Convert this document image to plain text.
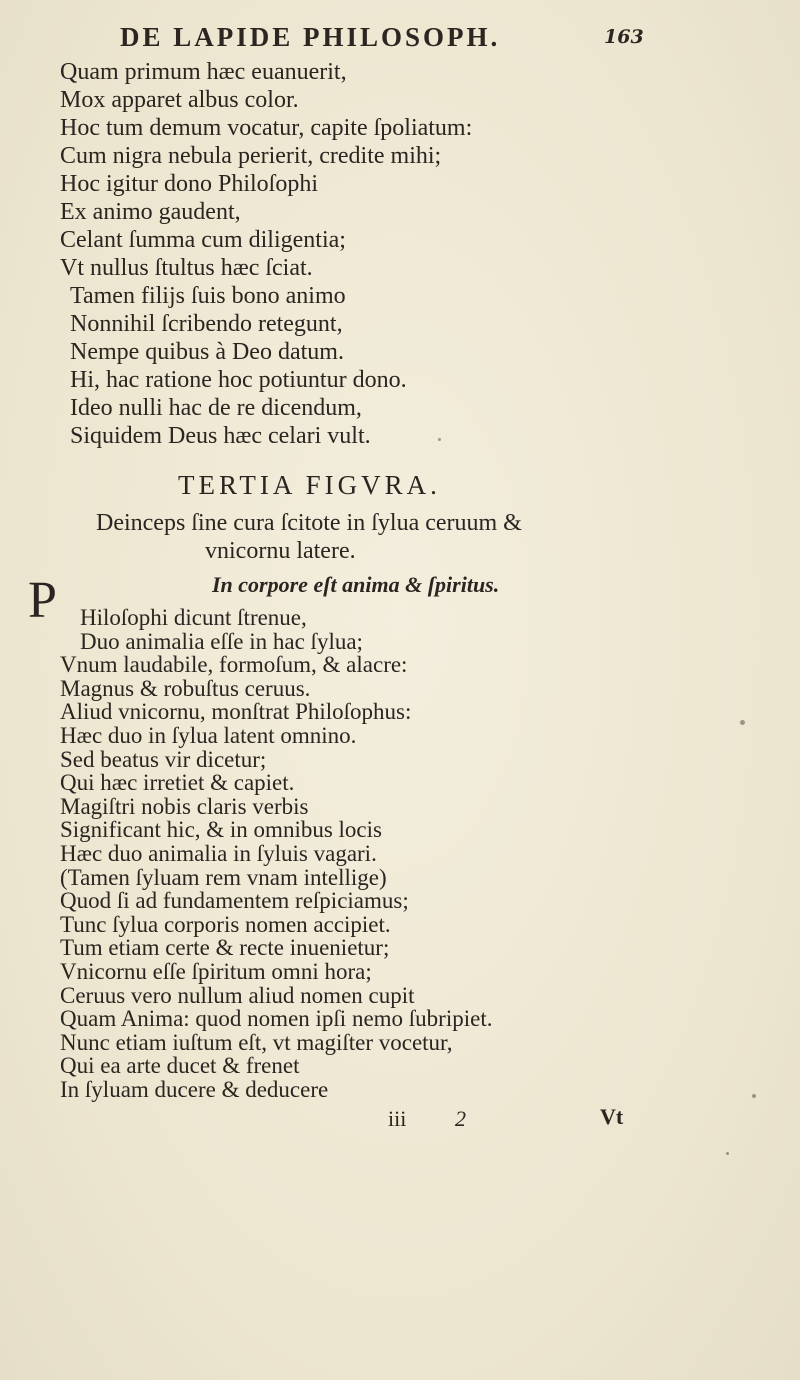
DE LAPIDE PHILOSOPH.	163
Quam primum hæc euanuerit,
Mox apparet albus color.
Hoc tum demum vocatur, capite ſpoliatum:
Cum nigra nebula perierit, credite mihi;
Hoc igitur dono Philoſophi
Ex animo gaudent,
Celant ſumma cum diligentia;
Vt nullus ſtultus hæc ſciat.
Tamen filijs ſuis bono animo
Nonnihil ſcribendo retegunt,
Nempe quibus à Deo datum.
Hi, hac ratione hoc potiuntur dono.
Ideo nulli hac de re dicendum,
Siquidem Deus hæc celari vult.
TERTIA FIGVRA.
Deinceps ſine cura ſcitote in ſylua ceruum &
vnicornu latere.
In corpore eſt anima & ſpiritus.
P Hiloſophi dicunt ſtrenue,
Duo animalia eſſe in hac ſylua;
Vnum laudabile, formoſum, & alacre:
Magnus & robuſtus ceruus.
Aliud vnicornu, monſtrat Philoſophus:
Hæc duo in ſylua latent omnino.
Sed beatus vir dicetur;
Qui hæc irretiet & capiet.
Magiſtri nobis claris verbis
Significant hic, & in omnibus locis
Hæc duo animalia in ſyluis vagari.
(Tamen ſyluam rem vnam intellige)
Quod ſi ad fundamentem reſpiciamus;
Tunc ſylua corporis nomen accipiet.
Tum etiam certe & recte inuenietur;
Vnicornu eſſe ſpiritum omni hora;
Ceruus vero nullum aliud nomen cupit
Quam Anima: quod nomen ipſi nemo ſubripiet.
Nunc etiam iuſtum eſt, vt magiſter vocetur,
Qui ea arte ducet & frenet
In ſyluam ducere & deducere
iii 2	Vt
